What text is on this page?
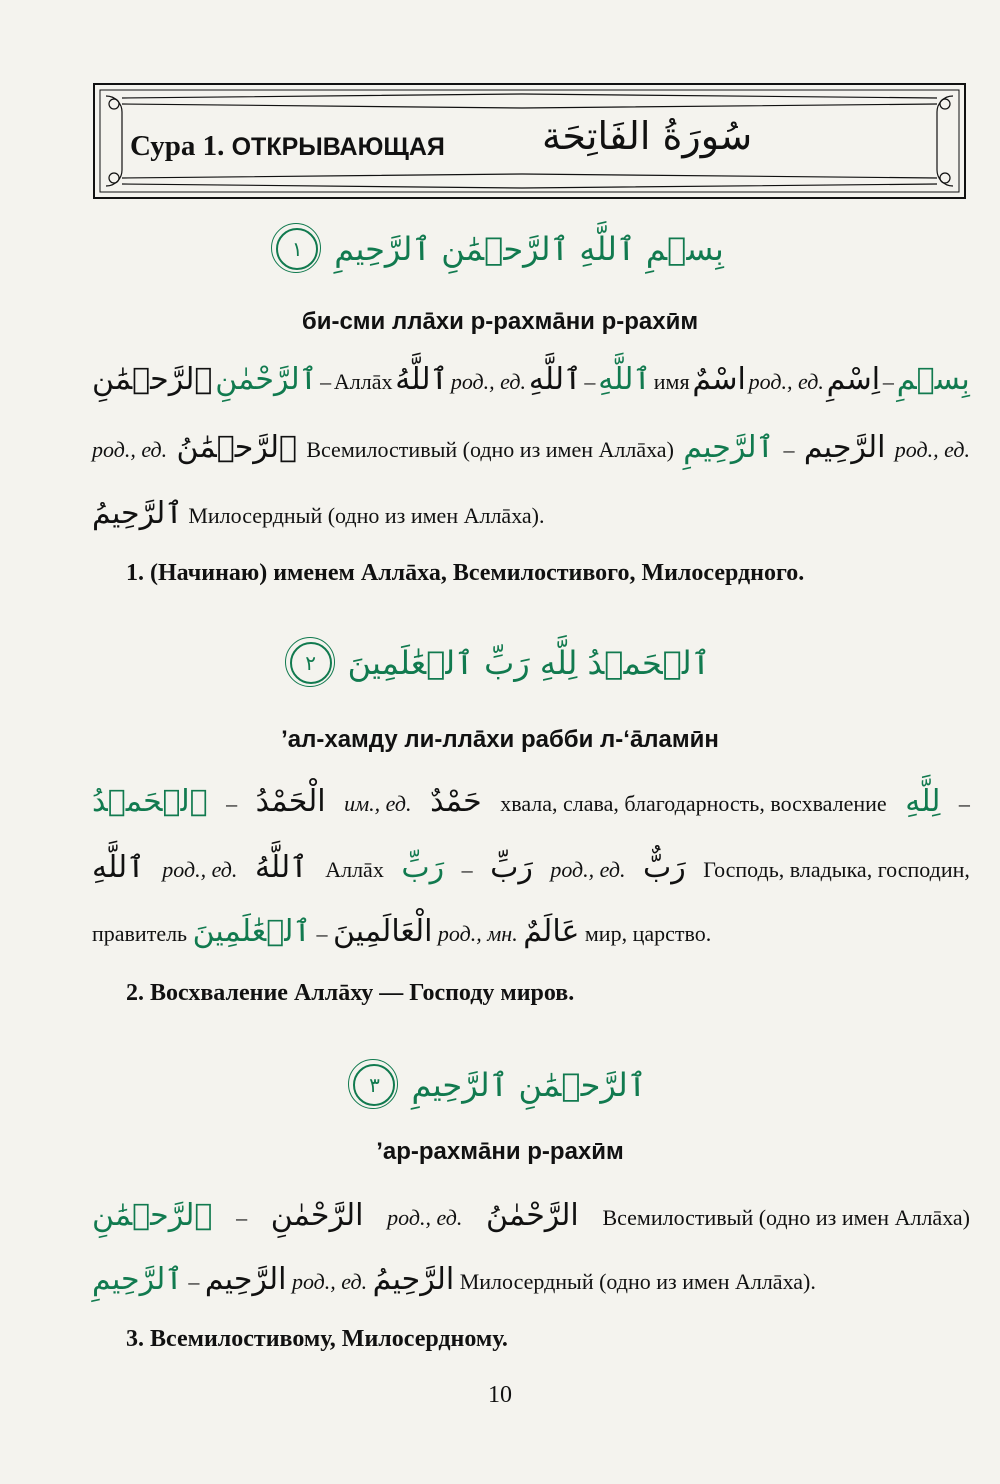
Сура 1. ОТКРЫВАЮЩАЯ	سُورَةُ الفَاتِحَة
١ بِسۡمِ ٱللَّهِ ٱلرَّحۡمَٰنِ ٱلرَّحِيمِ
би-сми ллāхи р-раxмāни р-раxӣм
ٱلرَّحۡمَٰنِ ٱلرَّحْمٰنِ – Аллāх ٱللَّهُ род., ед. ٱللَّهِ – ٱللَّهِ имя اسْمٌ род., ед. اِسْمِ – بِسۡمِ
род., ед. ٱلرَّحۡمَٰنُ Всемилостивый (одно из имен Аллāха) ٱلرَّحِيمِ – الرَّحِيم род., ед.
ٱلرَّحِيمُ Милосердный (одно из имен Аллāха).
1. (Начинаю) именем Аллāха, Всемилостивого, Милосердного.
٢ ٱلۡحَمۡدُ لِلَّهِ رَبِّ ٱلۡعَٰلَمِينَ
’ал-хамду ли-ллāхи рабби л-‘āламӣн
ٱلۡحَمۡدُ – الْحَمْدُ им., ед. حَمْدٌ хвала, слава, благодарность, восхваление لِلَّهِ –
ٱللَّهِ род., ед. ٱللَّهُ Аллāх رَبِّ – رَبِّ род., ед. رَبٌّ Господь, владыка, господин,
правитель ٱلۡعَٰلَمِينَ – الْعَالَمِينَ род., мн. عَالَمٌ мир, царство.
2. Восхваление Аллāху — Господу миров.
٣ ٱلرَّحۡمَٰنِ ٱلرَّحِيمِ
’ар-раxмāни р-раxӣм
ٱلرَّحۡمَٰنِ – الرَّحْمٰنِ род., ед. الرَّحْمٰنُ Всемилостивый (одно из имен Аллāха)
ٱلرَّحِيمِ – الرَّحِيم род., ед. الرَّحِيمُ Милосердный (одно из имен Аллāха).
3. Всемилостивому, Милосердному.
10
